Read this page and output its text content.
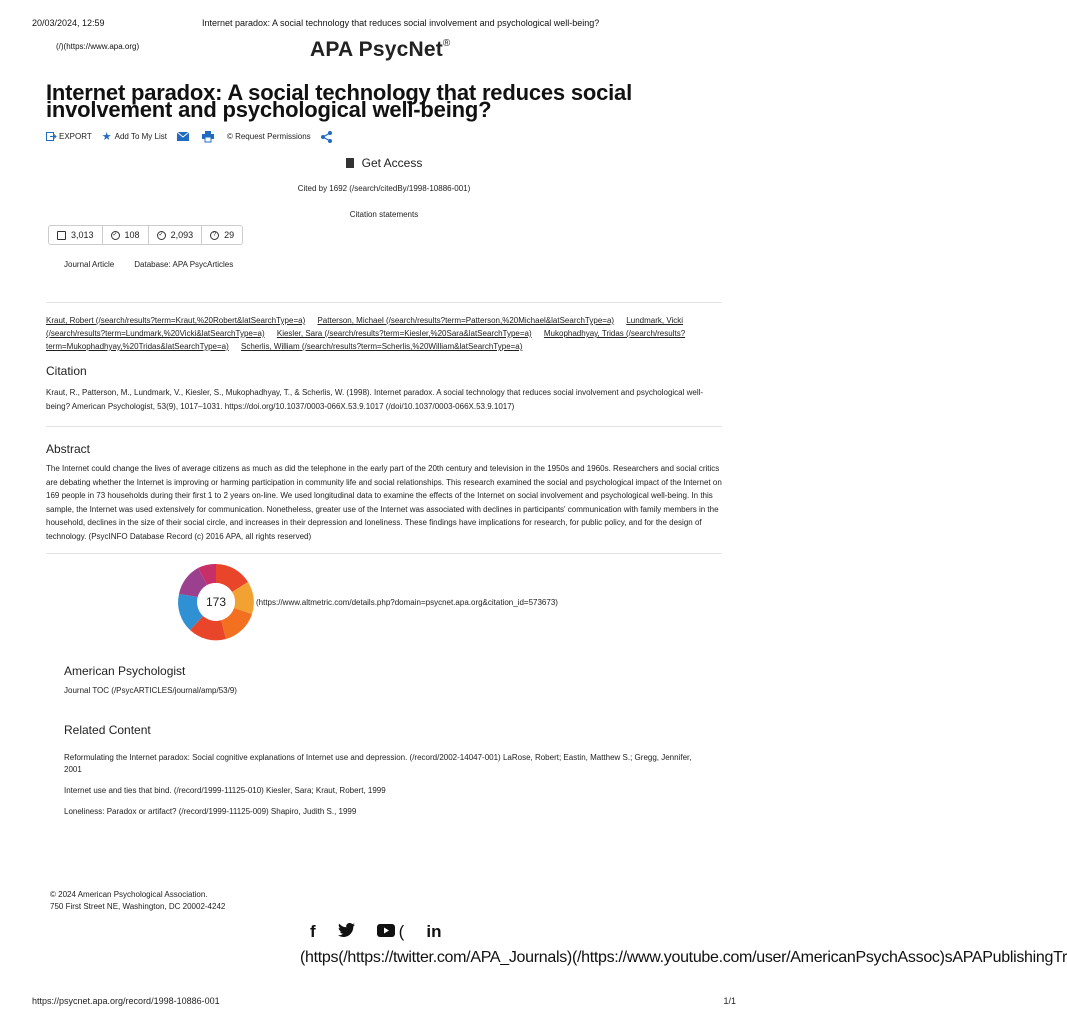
20/03/2024, 12:59	Internet paradox: A social technology that reduces social involvement and psychological well-being?
(/)(https://www.apa.org)	APA PsycNet®
Internet paradox: A social technology that reduces social involvement and psychological well-being?
EXPORT ★ Add To My List	© Request Permissions
Get Access
Cited by 1692 (/search/citedBy/1998-10886-001)
Citation statements
3,013	✓ 108	✓ 2,093	? 29
Journal Article	Database: APA PsycArticles
Kraut, Robert (/search/results?term=Kraut,%20Robert&latSearchType=a) Patterson, Michael (/search/results?term=Patterson,%20Michael&latSearchType=a) Lundmark, Vicki (/search/results?term=Lundmark,%20Vicki&latSearchType=a) Kiesler, Sara (/search/results?term=Kiesler,%20Sara&latSearchType=a) Mukophadhyay, Tridas (/search/results?term=Mukophadhyay,%20Tridas&latSearchType=a) Scherlis, William (/search/results?term=Scherlis,%20William&latSearchType=a)
Citation

Kraut, R., Patterson, M., Lundmark, V., Kiesler, S., Mukophadhyay, T., & Scherlis, W. (1998). Internet paradox. A social technology that reduces social involvement and psychological well-being? American Psychologist, 53(9), 1017–1031. https://doi.org/10.1037/0003-066X.53.9.1017 (/doi/10.1037/0003-066X.53.9.1017)

Abstract

The Internet could change the lives of average citizens as much as did the telephone in the early part of the 20th century and television in the 1950s and 1960s. Researchers and social critics are debating whether the Internet is improving or harming participation in community life and social relationships. This research examined the social and psychological impact of the Internet on 169 people in 73 households during their first 1 to 2 years on-line. We used longitudinal data to examine the effects of the Internet on social involvement and psychological well-being. In this sample, the Internet was used extensively for communication. Nonetheless, greater use of the Internet was associated with declines in participants' communication with family members in the household, declines in the size of their social circle, and increases in their depression and loneliness. These findings have implications for research, for public policy, and for the design of technology. (PsycINFO Database Record (c) 2016 APA, all rights reserved)

173	(https://www.altmetric.com/details.php?domain=psycnet.apa.org&citation_id=573673)
American Psychologist
Journal TOC (/PsycARTICLES/journal/amp/53/9)
Related Content

Reformulating the Internet paradox: Social cognitive explanations of Internet use and depression. (/record/2002-14047-001) LaRose, Robert; Eastin, Matthew S.; Gregg, Jennifer, 2001

Internet use and ties that bind. (/record/1999-11125-010) Kiesler, Sara; Kraut, Robert, 1999

Loneliness: Paradox or artifact? (/record/1999-11125-009) Shapiro, Judith S., 1999

© 2024 American Psychological Association.
750 First Street NE, Washington, DC 20002-4242
f	( in
(https(/https://twitter.com/APA_Journals)(/https://www.youtube.com/user/AmericanPsychAssoc)sAPAPublishingTr
https://psycnet.apa.org/record/1998-10886-001	1/1
